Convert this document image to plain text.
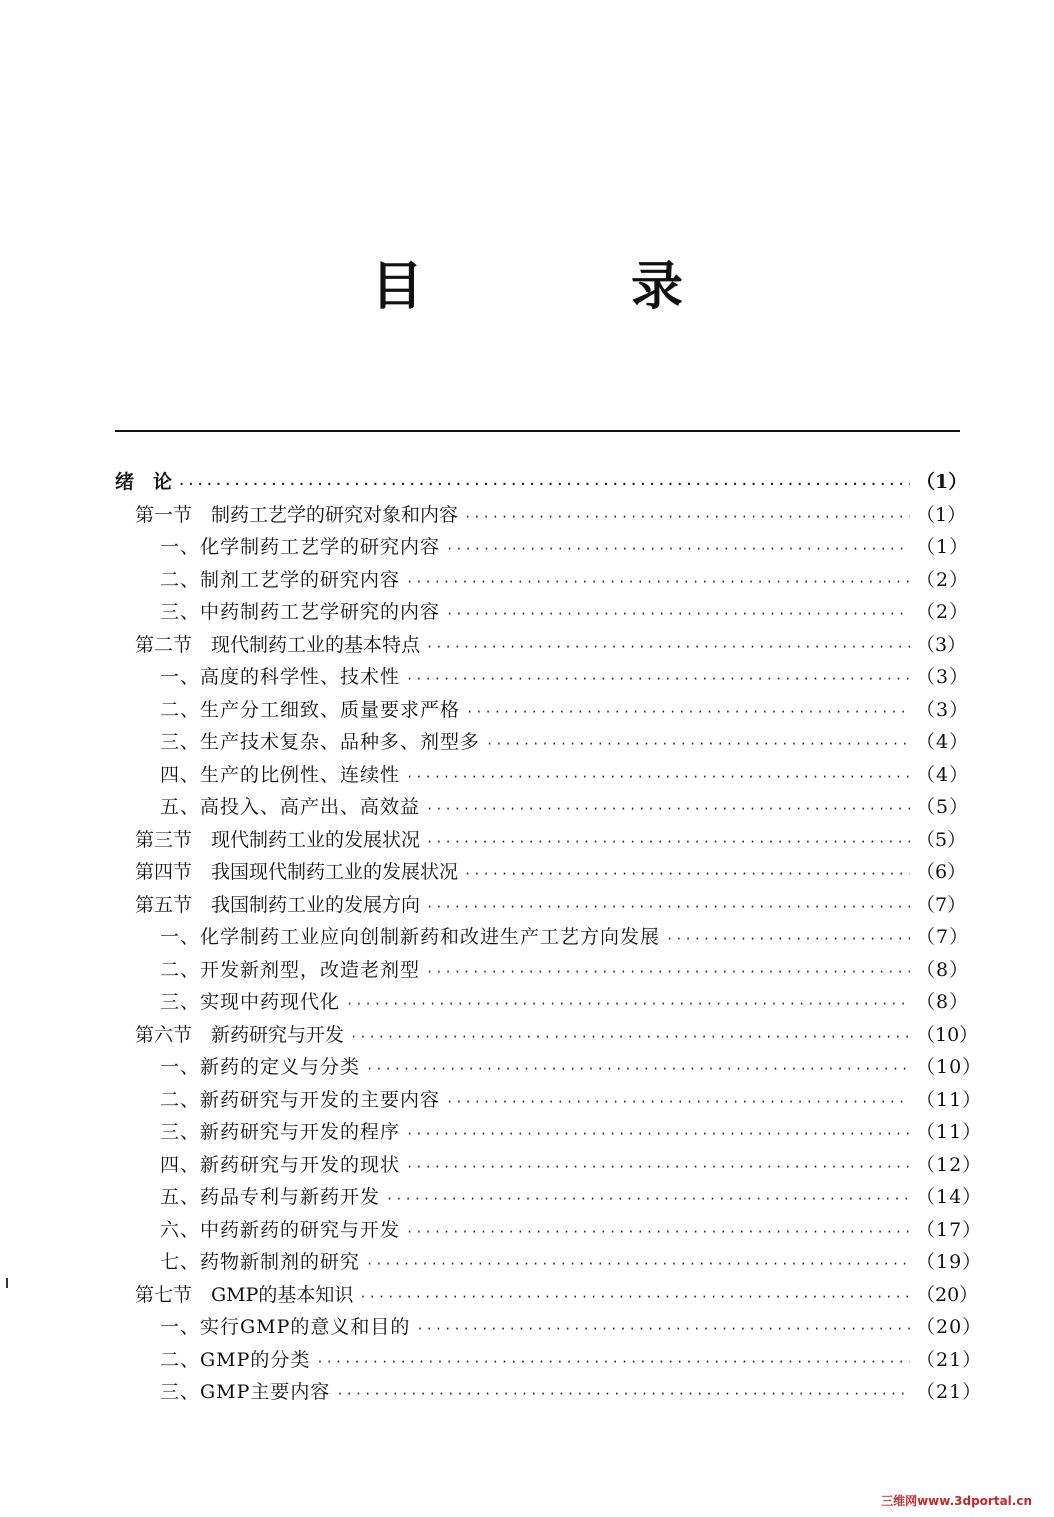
目　录
绪　论 ·····	（1）
第一节　制药工艺学的研究对象和内容 ·····	（1）
一、化学制药工艺学的研究内容 ·····	（1）
二、制剂工艺学的研究内容 ·····	（2）
三、中药制药工艺学研究的内容 ·····	（2）
第二节　现代制药工业的基本特点 ·····	（3）
一、高度的科学性、技术性 ·····	（3）
二、生产分工细致、质量要求严格 ·····	（3）
三、生产技术复杂、品种多、剂型多 ·····	（4）
四、生产的比例性、连续性 ·····	（4）
五、高投入、高产出、高效益 ·····	（5）
第三节　现代制药工业的发展状况 ·····	（5）
第四节　我国现代制药工业的发展状况 ·····	（6）
第五节　我国制药工业的发展方向 ·····	（7）
一、化学制药工业应向创制新药和改进生产工艺方向发展 ·····	（7）
二、开发新剂型，改造老剂型 ·····	（8）
三、实现中药现代化 ·····	（8）
第六节　新药研究与开发 ·····	（10）
一、新药的定义与分类 ·····	（10）
二、新药研究与开发的主要内容 ·····	（11）
三、新药研究与开发的程序 ·····	（11）
四、新药研究与开发的现状 ·····	（12）
五、药品专利与新药开发 ·····	（14）
六、中药新药的研究与开发 ·····	（17）
七、药物新制剂的研究 ·····	（19）
第七节　GMP的基本知识 ·····	（20）
一、实行GMP的意义和目的 ·····	（20）
二、GMP的分类 ·····	（21）
三、GMP主要内容 ·····	（21）
三维网www.3dportal.cn
